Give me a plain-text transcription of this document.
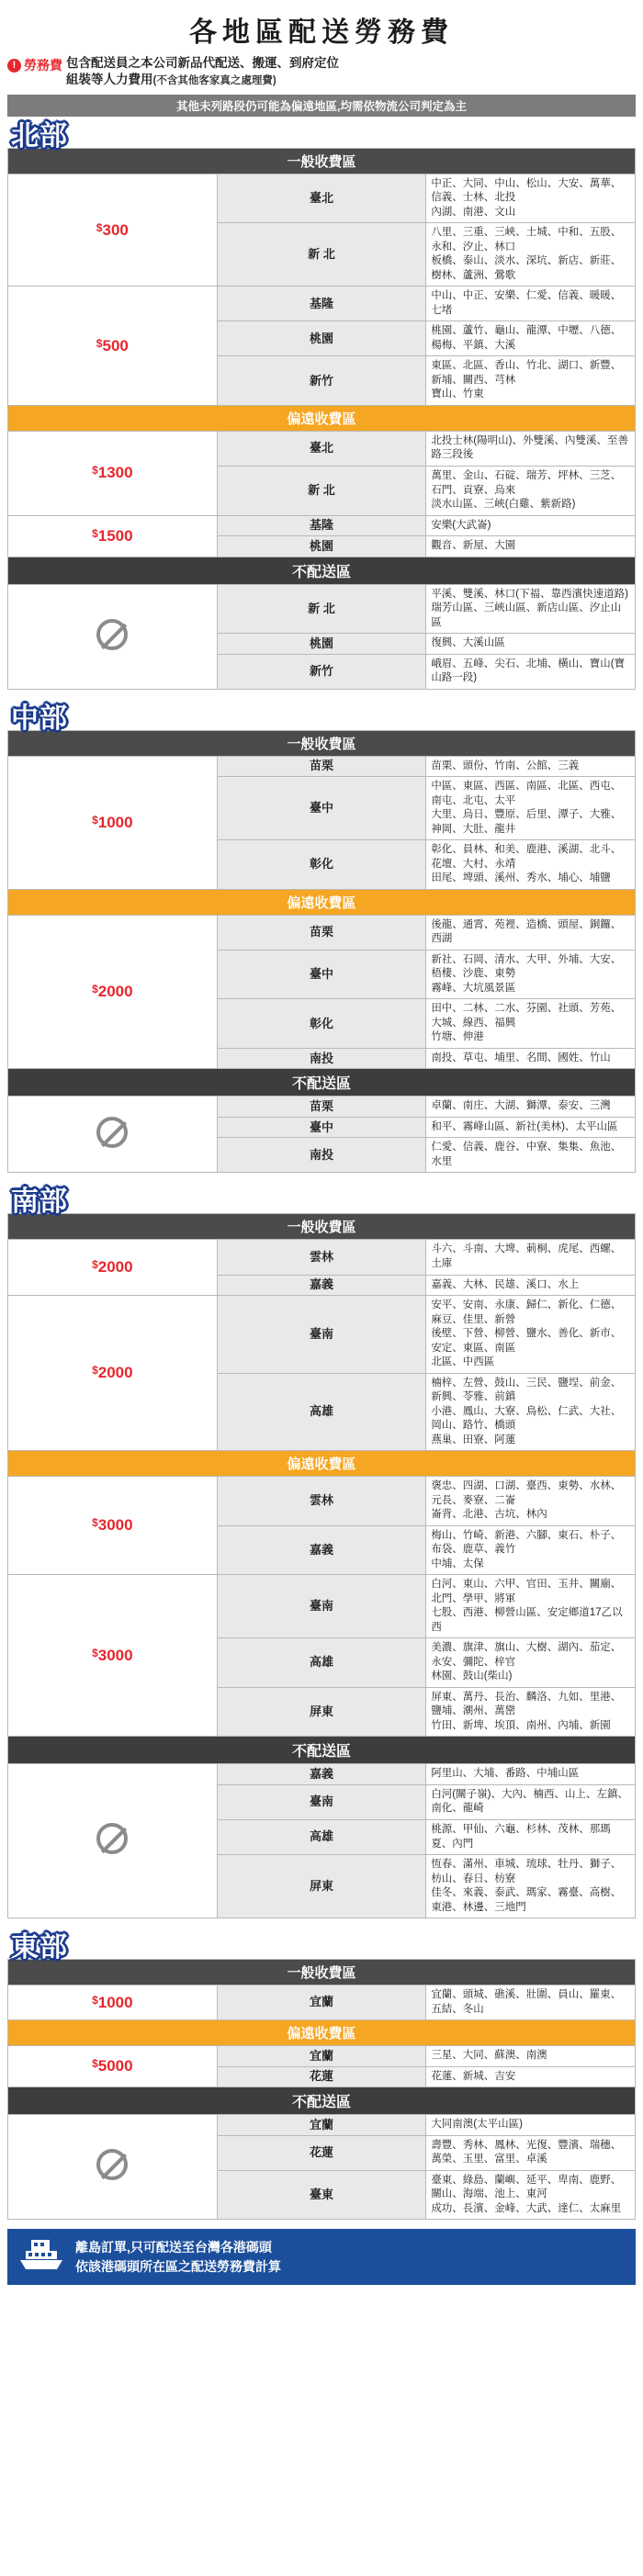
各地區配送勞務費
! 勞務費 包含配送員之本公司新品代配送、搬運、到府定位
組裝等人力費用(不含其他客家真之處理費)
其他未列路段仍可能為偏遠地區,均需依物流公司判定為主
北部
一般收費區		
$300	臺北	中正、大同、中山、松山、大安、萬華、信義、士林、北投
內湖、南港、文山

	新 北	八里、三重、三峽、土城、中和、五股、永和、汐止、林口
板橋、泰山、淡水、深坑、新店、新莊、樹林、蘆洲、鶯歌

$500	基隆	中山、中正、安樂、仁愛、信義、暖暖、七堵

	桃園	桃園、蘆竹、龜山、龍潭、中壢、八德、楊梅、平鎮、大溪

	新竹	東區、北區、香山、竹北、湖口、新豐、新埔、關西、芎林
寶山、竹東

偏遠收費區		
$1300	臺北	北投士林(陽明山)、外雙溪、內雙溪、至善路三段後

	新 北	萬里、金山、石碇、瑞芳、坪林、三芝、石門、貢寮、烏來
淡水山區、三峽(白雞、紫新路)

$1500	基隆	安樂(大武崙)

	桃園	觀音、新屋、大園

不配送區		
	新 北	平溪、雙溪、林口(下福、靠西濱快速道路)
瑞芳山區、三峽山區、新店山區、汐止山區

	桃園	復興、大溪山區

	新竹	峨眉、五峰、尖石、北埔、橫山、寶山(寶山路一段)
中部
一般收費區		
$1000	苗栗	苗栗、頭份、竹南、公館、三義

	臺中	中區、東區、西區、南區、北區、西屯、南屯、北屯、太平
大里、烏日、豐原、后里、潭子、大雅、神岡、大肚、龍井

	彰化	彰化、員林、和美、鹿港、溪湖、北斗、花壇、大村、永靖
田尾、埤頭、溪州、秀水、埔心、埔鹽

偏遠收費區		
$2000	苗栗	後龍、通霄、苑裡、造橋、頭屋、銅鑼、西湖

	臺中	新社、石岡、清水、大甲、外埔、大安、梧棲、沙鹿、東勢
霧峰、大坑風景區

	彰化	田中、二林、二水、芬園、社頭、芳苑、大城、線西、福興
竹塘、伸港

	南投	南投、草屯、埔里、名間、國姓、竹山

不配送區		
	苗栗	卓蘭、南庄、大湖、獅潭、泰安、三灣

	臺中	和平、霧峰山區、新社(美林)、太平山區

	南投	仁愛、信義、鹿谷、中寮、集集、魚池、水里
南部
一般收費區		
$2000	雲林	斗六、斗南、大埤、莿桐、虎尾、西螺、土庫

	嘉義	嘉義、大林、民雄、溪口、水上

$2000	臺南	安平、安南、永康、歸仁、新化、仁德、麻豆、佳里、新營
後壁、下營、柳營、鹽水、善化、新市、安定、東區、南區
北區、中西區

	高雄	楠梓、左營、鼓山、三民、鹽埕、前金、新興、苓雅、前鎮
小港、鳳山、大寮、鳥松、仁武、大社、岡山、路竹、橋頭
燕巢、田寮、阿蓮

偏遠收費區		
$3000	雲林	褒忠、四湖、口湖、臺西、東勢、水林、元長、麥寮、二崙
崙背、北港、古坑、林內

	嘉義	梅山、竹崎、新港、六腳、東石、朴子、布袋、鹿草、義竹
中埔、太保

$3000	臺南	白河、東山、六甲、官田、玉井、關廟、北門、學甲、將軍
七股、西港、柳營山區、安定鄉道17乙以西

	高雄	美濃、旗津、旗山、大樹、湖內、茄定、永安、彌陀、梓官
林園、鼓山(柴山)

	屏東	屏東、萬丹、長治、麟洛、九如、里港、鹽埔、潮州、萬巒
竹田、新埤、埃頂、南州、內埔、新園

不配送區		
	嘉義	阿里山、大埔、番路、中埔山區

	臺南	白河(關子嶺)、大內、楠西、山上、左鎮、南化、龍崎

	高雄	桃源、甲仙、六龜、杉林、茂林、那瑪夏、內門

	屏東	恆春、滿州、車城、琉球、牡丹、獅子、枋山、春日、枋寮
佳冬、來義、泰武、瑪家、霧臺、高樹、東港、林邊、三地門
東部
一般收費區		
$1000	宜蘭	宜蘭、頭城、礁溪、壯圍、員山、羅東、五結、冬山

偏遠收費區		
$5000	宜蘭	三星、大同、蘇澳、南澳

	花蓮	花蓮、新城、吉安

不配送區		
	宜蘭	大同南澳(太平山區)

	花蓮	壽豐、秀林、鳳林、光復、豐濱、瑞穗、萬榮、玉里、富里、卓溪

	臺東	臺東、綠島、蘭嶼、延平、卑南、鹿野、關山、海端、池上、東河
成功、長濱、金峰、大武、達仁、太麻里
離島訂單,只可配送至台灣各港碼頭
依該港碼頭所在區之配送勞務費計算
